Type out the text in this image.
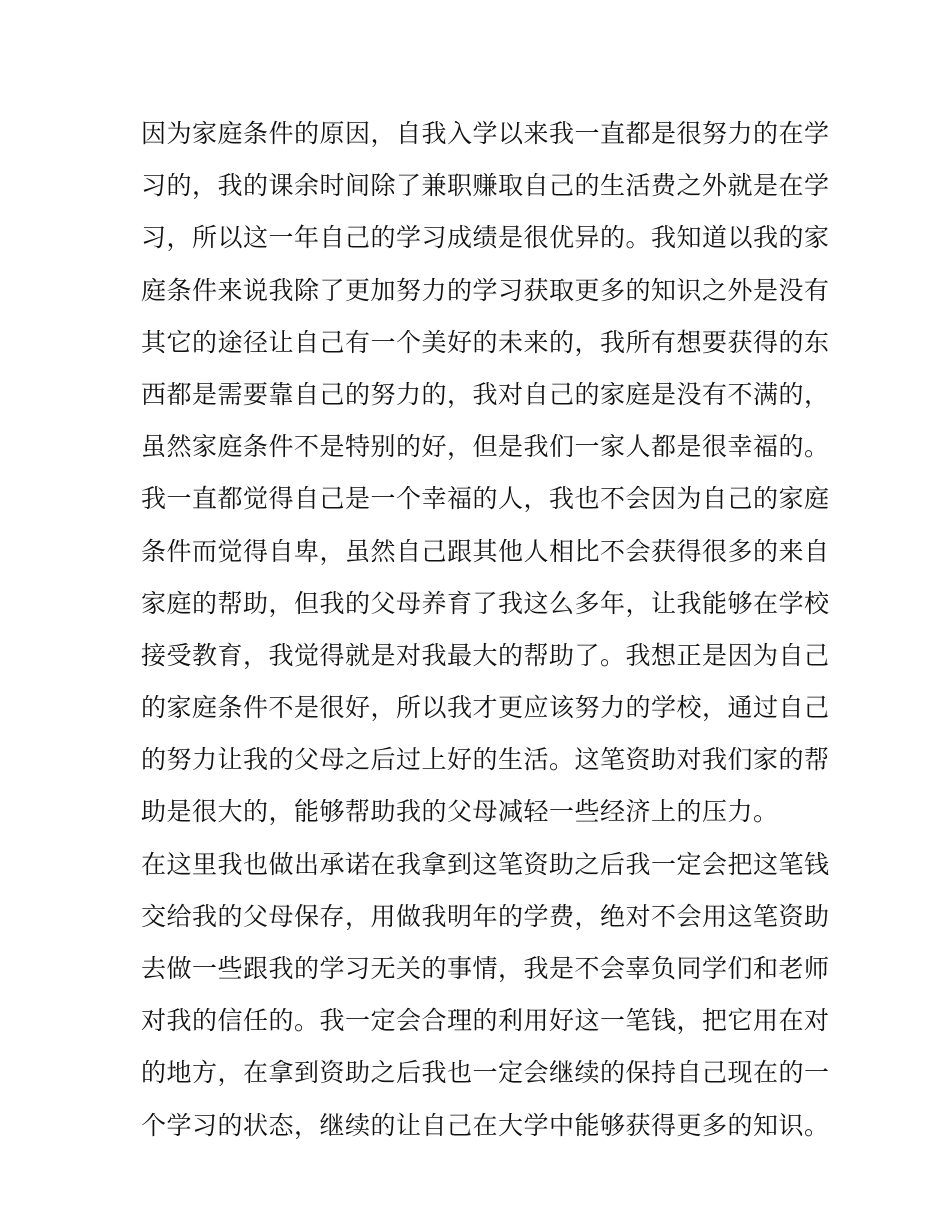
因为家庭条件的原因，自我入学以来我一直都是很努力的在学
习的，我的课余时间除了兼职赚取自己的生活费之外就是在学
习，所以这一年自己的学习成绩是很优异的。我知道以我的家
庭条件来说我除了更加努力的学习获取更多的知识之外是没有
其它的途径让自己有一个美好的未来的，我所有想要获得的东
西都是需要靠自己的努力的，我对自己的家庭是没有不满的，
虽然家庭条件不是特别的好，但是我们一家人都是很幸福的。
我一直都觉得自己是一个幸福的人，我也不会因为自己的家庭
条件而觉得自卑，虽然自己跟其他人相比不会获得很多的来自
家庭的帮助，但我的父母养育了我这么多年，让我能够在学校
接受教育，我觉得就是对我最大的帮助了。我想正是因为自己
的家庭条件不是很好，所以我才更应该努力的学校，通过自己
的努力让我的父母之后过上好的生活。这笔资助对我们家的帮
助是很大的，能够帮助我的父母减轻一些经济上的压力。
在这里我也做出承诺在我拿到这笔资助之后我一定会把这笔钱
交给我的父母保存，用做我明年的学费，绝对不会用这笔资助
去做一些跟我的学习无关的事情，我是不会辜负同学们和老师
对我的信任的。我一定会合理的利用好这一笔钱，把它用在对
的地方，在拿到资助之后我也一定会继续的保持自己现在的一
个学习的状态，继续的让自己在大学中能够获得更多的知识。
